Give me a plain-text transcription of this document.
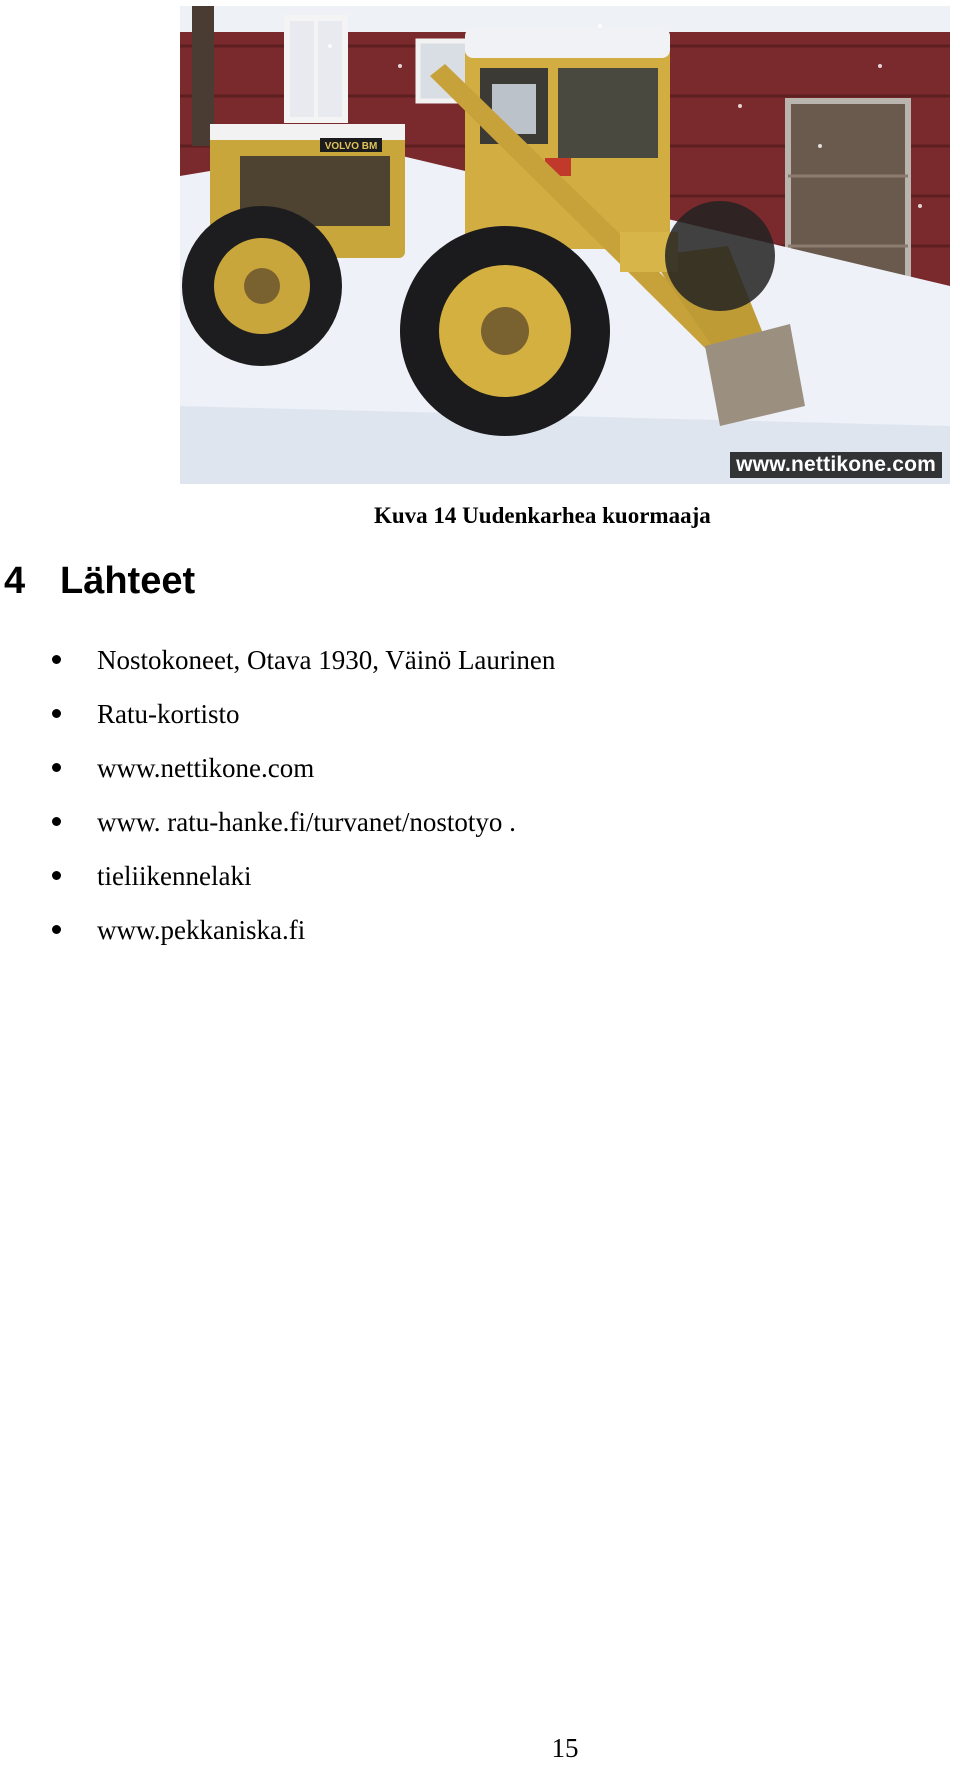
VOLVO BM
www.nettikone.com
Kuva 14 Uudenkarhea kuormaaja
4 Lähteet
Nostokoneet, Otava 1930, Väinö Laurinen
Ratu-kortisto
www.nettikone.com
www. ratu-hanke.fi/turvanet/nostotyo .
tieliikennelaki
www.pekkaniska.fi
15
